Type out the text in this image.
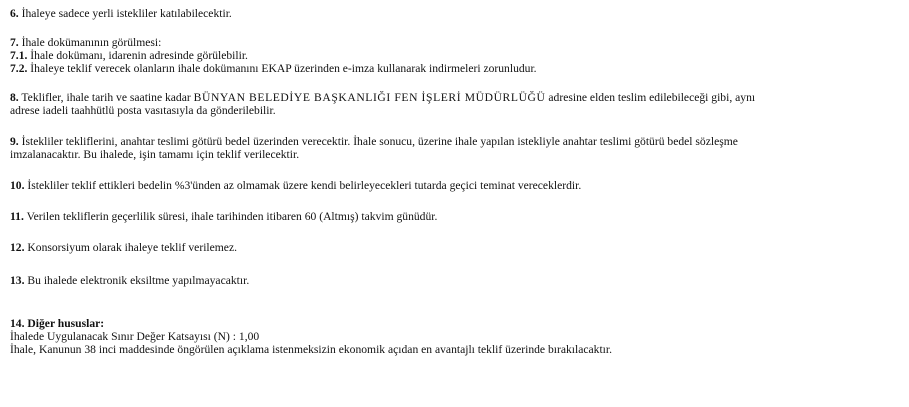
6. İhaleye sadece yerli istekliler katılabilecektir.
7. İhale dokümanının görülmesi:
7.1. İhale dokümanı, idarenin adresinde görülebilir.
7.2. İhaleye teklif verecek olanların ihale dokümanını EKAP üzerinden e-imza kullanarak indirmeleri zorunludur.
8. Teklifler, ihale tarih ve saatine kadar BÜNYAN BELEDİYE BAŞKANLIĞI FEN İŞLERİ MÜDÜRLÜĞÜ adresine elden teslim edilebileceği gibi, aynı
adrese iadeli taahhütlü posta vasıtasıyla da gönderilebilir.
9. İstekliler tekliflerini, anahtar teslimi götürü bedel üzerinden verecektir. İhale sonucu, üzerine ihale yapılan istekliyle anahtar teslimi götürü bedel sözleşme
imzalanacaktır. Bu ihalede, işin tamamı için teklif verilecektir.
10. İstekliler teklif ettikleri bedelin %3'ünden az olmamak üzere kendi belirleyecekleri tutarda geçici teminat vereceklerdir.
11. Verilen tekliflerin geçerlilik süresi, ihale tarihinden itibaren 60 (Altmış) takvim günüdür.
12. Konsorsiyum olarak ihaleye teklif verilemez.
13. Bu ihalede elektronik eksiltme yapılmayacaktır.
14. Diğer hususlar:
İhalede Uygulanacak Sınır Değer Katsayısı (N) : 1,00
İhale, Kanunun 38 inci maddesinde öngörülen açıklama istenmeksizin ekonomik açıdan en avantajlı teklif üzerinde bırakılacaktır.
